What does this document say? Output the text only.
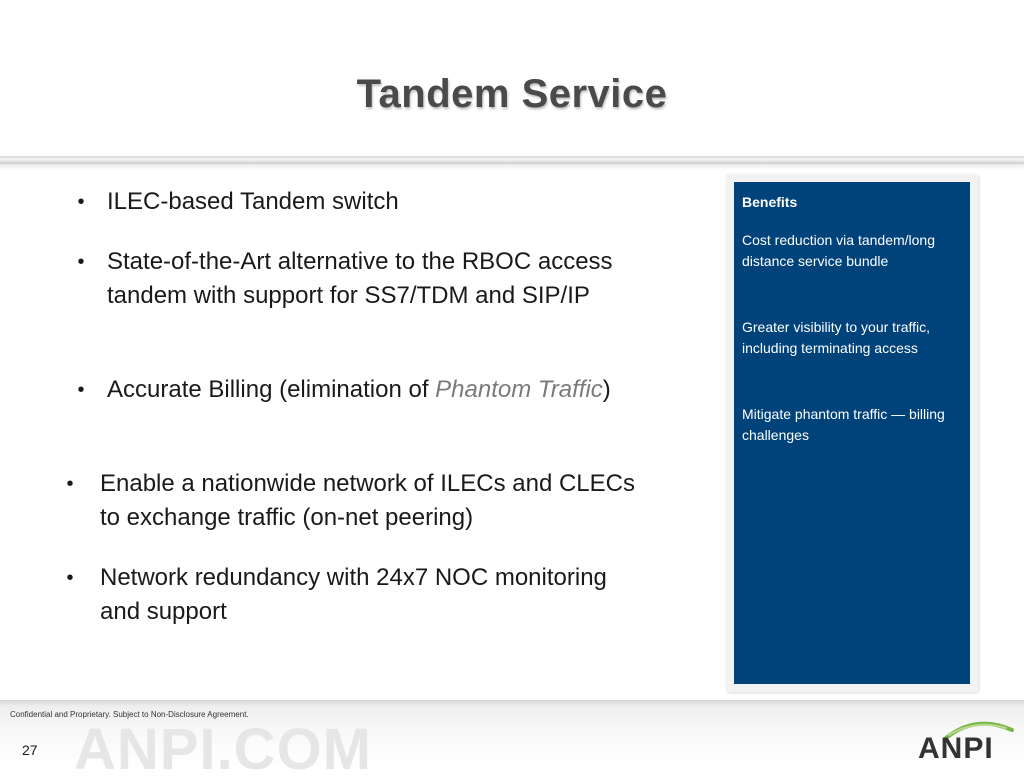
Tandem Service
• ILEC-based Tandem switch
• State-of-the-Art alternative to the RBOC access tandem with support for SS7/TDM and SIP/IP
• Accurate Billing (elimination of Phantom Traffic)
• Enable a nationwide network of ILECs and CLECs to exchange traffic (on-net peering)
• Network redundancy with 24x7 NOC monitoring and support
Benefits
Cost reduction via tandem/long distance service bundle
Greater visibility to your traffic, including terminating access
Mitigate phantom traffic — billing challenges
ANPI.COM
Confidential and Proprietary. Subject to Non-Disclosure Agreement.
27	ANPI
